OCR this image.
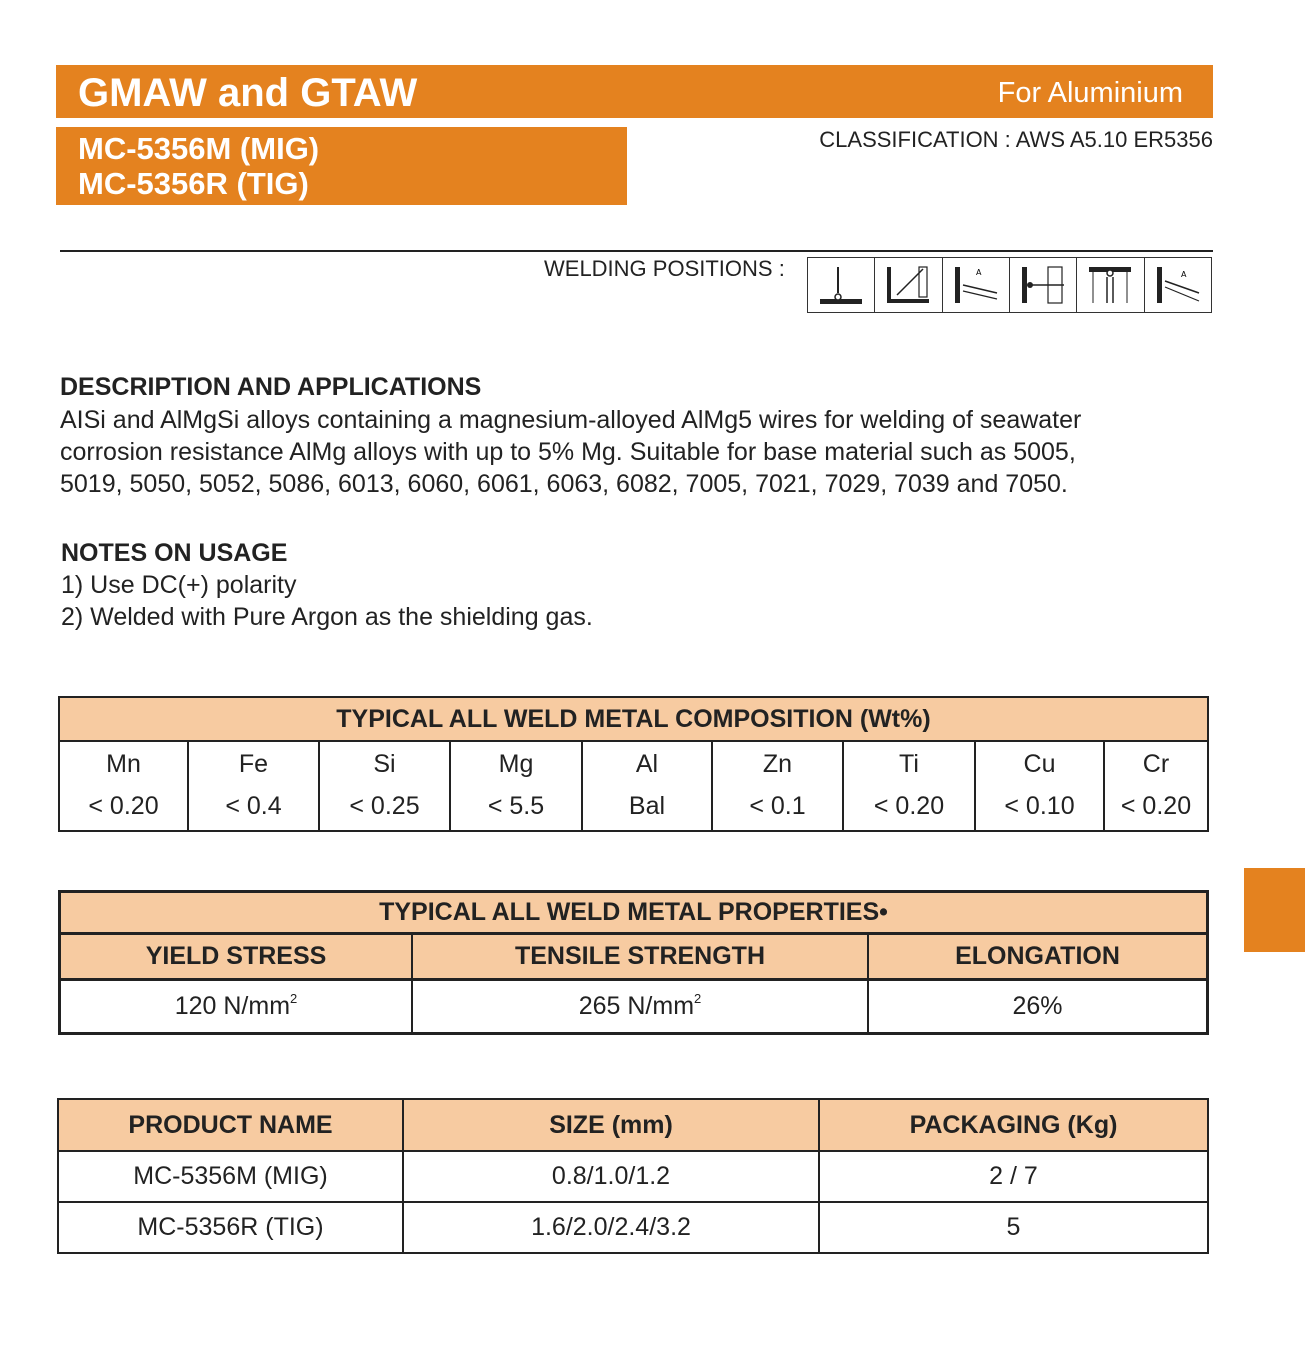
GMAW and GTAW	For Aluminium
MC-5356M (MIG)
MC-5356R (TIG)
CLASSIFICATION : AWS A5.10 ER5356
WELDING POSITIONS :	A	A
DESCRIPTION AND APPLICATIONS
AISi and AlMgSi alloys containing a magnesium-alloyed AlMg5 wires for welding of seawater
corrosion resistance AlMg alloys with up to 5% Mg. Suitable for base material such as 5005,
5019, 5050, 5052, 5086, 6013, 6060, 6061, 6063, 6082, 7005, 7021, 7029, 7039 and 7050.
NOTES ON USAGE
1) Use DC(+) polarity
2) Welded with Pure Argon as the shielding gas.
TYPICAL ALL WELD METAL COMPOSITION (Wt%)								
Mn	Fe	Si	Mg	Al	Zn	Ti	Cu	Cr
< 0.20	< 0.4	< 0.25	< 5.5	Bal	< 0.1	< 0.20	< 0.10	< 0.20
TYPICAL ALL WELD METAL PROPERTIES•		
YIELD STRESS	TENSILE STRENGTH	ELONGATION
120 $N/mm^2$	265 $N/mm^2$	26%
PRODUCT NAME	SIZE (mm)	PACKAGING (Kg)
MC-5356M (MIG)	0.8/1.0/1.2	2 / 7
MC-5356R (TIG)	1.6/2.0/2.4/3.2	5
